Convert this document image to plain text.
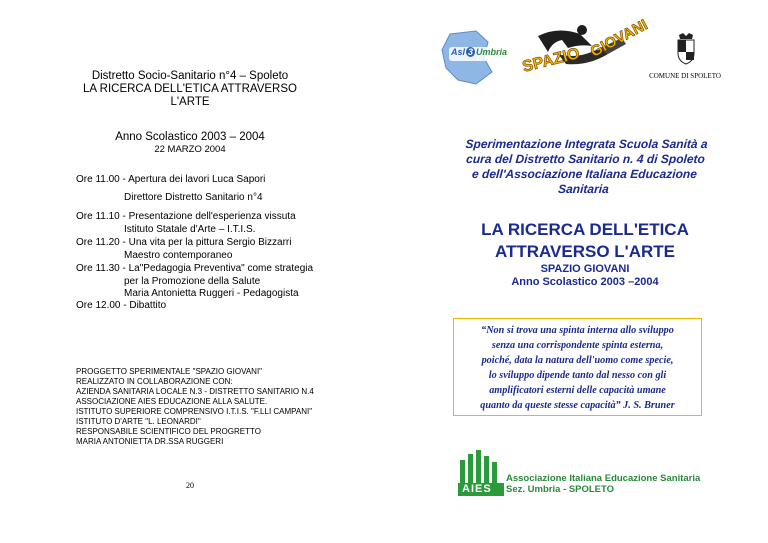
Distretto Socio-Sanitario n°4 – Spoleto
LA RICERCA DELL'ETICA ATTRAVERSO
L'ARTE
Anno Scolastico 2003 – 2004
22 MARZO 2004
Ore 11.00 - Apertura dei lavori Luca Sapori
Direttore Distretto Sanitario n°4
Ore 11.10 - Presentazione dell'esperienza vissuta
Istituto Statale d'Arte – I.T.I.S.
Ore 11.20 - Una vita per la pittura Sergio Bizzarri
Maestro contemporaneo
Ore 11.30 - La"Pedagogia Preventiva" come strategia
per la Promozione della Salute
Maria Antonietta Ruggeri - Pedagogista
Ore 12.00 - Dibattito
PROGGETTO SPERIMENTALE "SPAZIO GIOVANI"
REALIZZATO IN COLLABORAZIONE CON:
AZIENDA SANITARIA LOCALE N.3 - DISTRETTO SANITARIO N.4
ASSOCIAZIONE AIES EDUCAZIONE ALLA SALUTE.
ISTITUTO SUPERIORE COMPRENSIVO I.T.I.S. "F.LLI CAMPANI"
ISTITUTO D'ARTE "L. LEONARDI"
RESPONSABILE SCIENTIFICO DEL PROGRETTO
MARIA ANTONIETTA DR.SSA RUGGERI
20
Asl 3 Umbria SPAZIO GIOVANI
COMUNE DI SPOLETO
Sperimentazione Integrata Scuola Sanità a
cura del Distretto Sanitario n. 4 di Spoleto
e dell'Associazione Italiana Educazione
Sanitaria
LA RICERCA DELL'ETICA
ATTRAVERSO L'ARTE
SPAZIO GIOVANI
Anno Scolastico 2003 –2004
“Non si trova una spinta interna allo sviluppo
senza una corrispondente spinta esterna,
poiché, data la natura dell'uomo come specie,
lo sviluppo dipende tanto dal nesso con gli
amplificatori esterni delle capacità umane
quanto da queste stesse capacità” J. S. Bruner
AIES
Associazione Italiana Educazione Sanitaria
Sez. Umbria - SPOLETO
